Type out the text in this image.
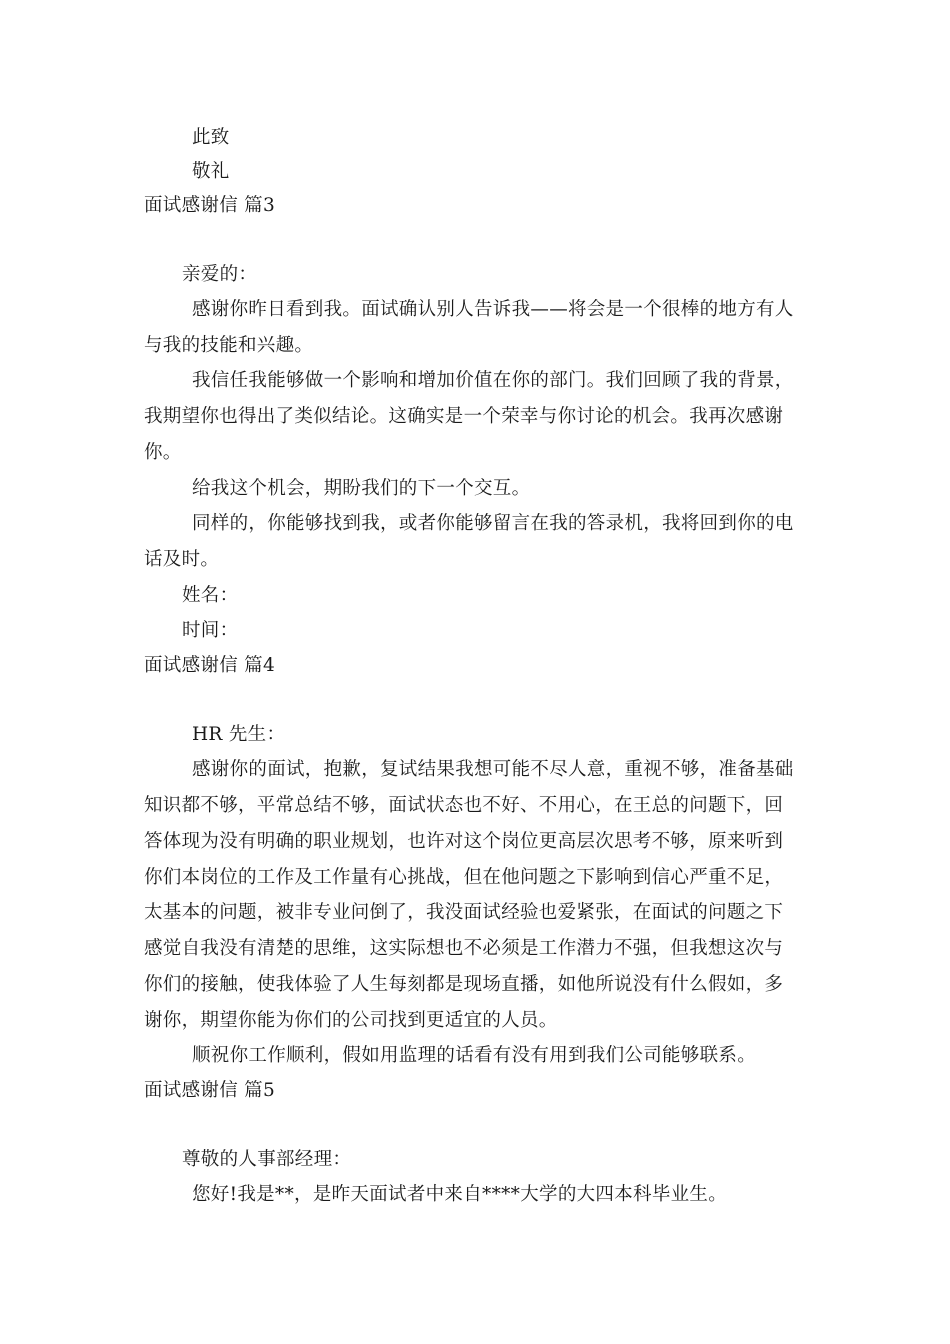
此致
敬礼
面试感谢信 篇3
亲爱的：
感谢你昨日看到我。面试确认别人告诉我——将会是一个很棒的地方有人
与我的技能和兴趣。
我信任我能够做一个影响和增加价值在你的部门。我们回顾了我的背景，
我期望你也得出了类似结论。这确实是一个荣幸与你讨论的机会。我再次感谢
你。
给我这个机会，期盼我们的下一个交互。
同样的，你能够找到我，或者你能够留言在我的答录机，我将回到你的电
话及时。
姓名：
时间：
面试感谢信 篇4
HR 先生：
感谢你的面试，抱歉，复试结果我想可能不尽人意，重视不够，准备基础
知识都不够，平常总结不够，面试状态也不好、不用心，在王总的问题下，回
答体现为没有明确的职业规划，也许对这个岗位更高层次思考不够，原来听到
你们本岗位的工作及工作量有心挑战，但在他问题之下影响到信心严重不足，
太基本的问题，被非专业问倒了，我没面试经验也爱紧张，在面试的问题之下
感觉自我没有清楚的思维，这实际想也不必须是工作潜力不强，但我想这次与
你们的接触，使我体验了人生每刻都是现场直播，如他所说没有什么假如，多
谢你，期望你能为你们的公司找到更适宜的人员。
顺祝你工作顺利，假如用监理的话看有没有用到我们公司能够联系。
面试感谢信 篇5
尊敬的人事部经理：
您好!我是**，是昨天面试者中来自****大学的大四本科毕业生。
